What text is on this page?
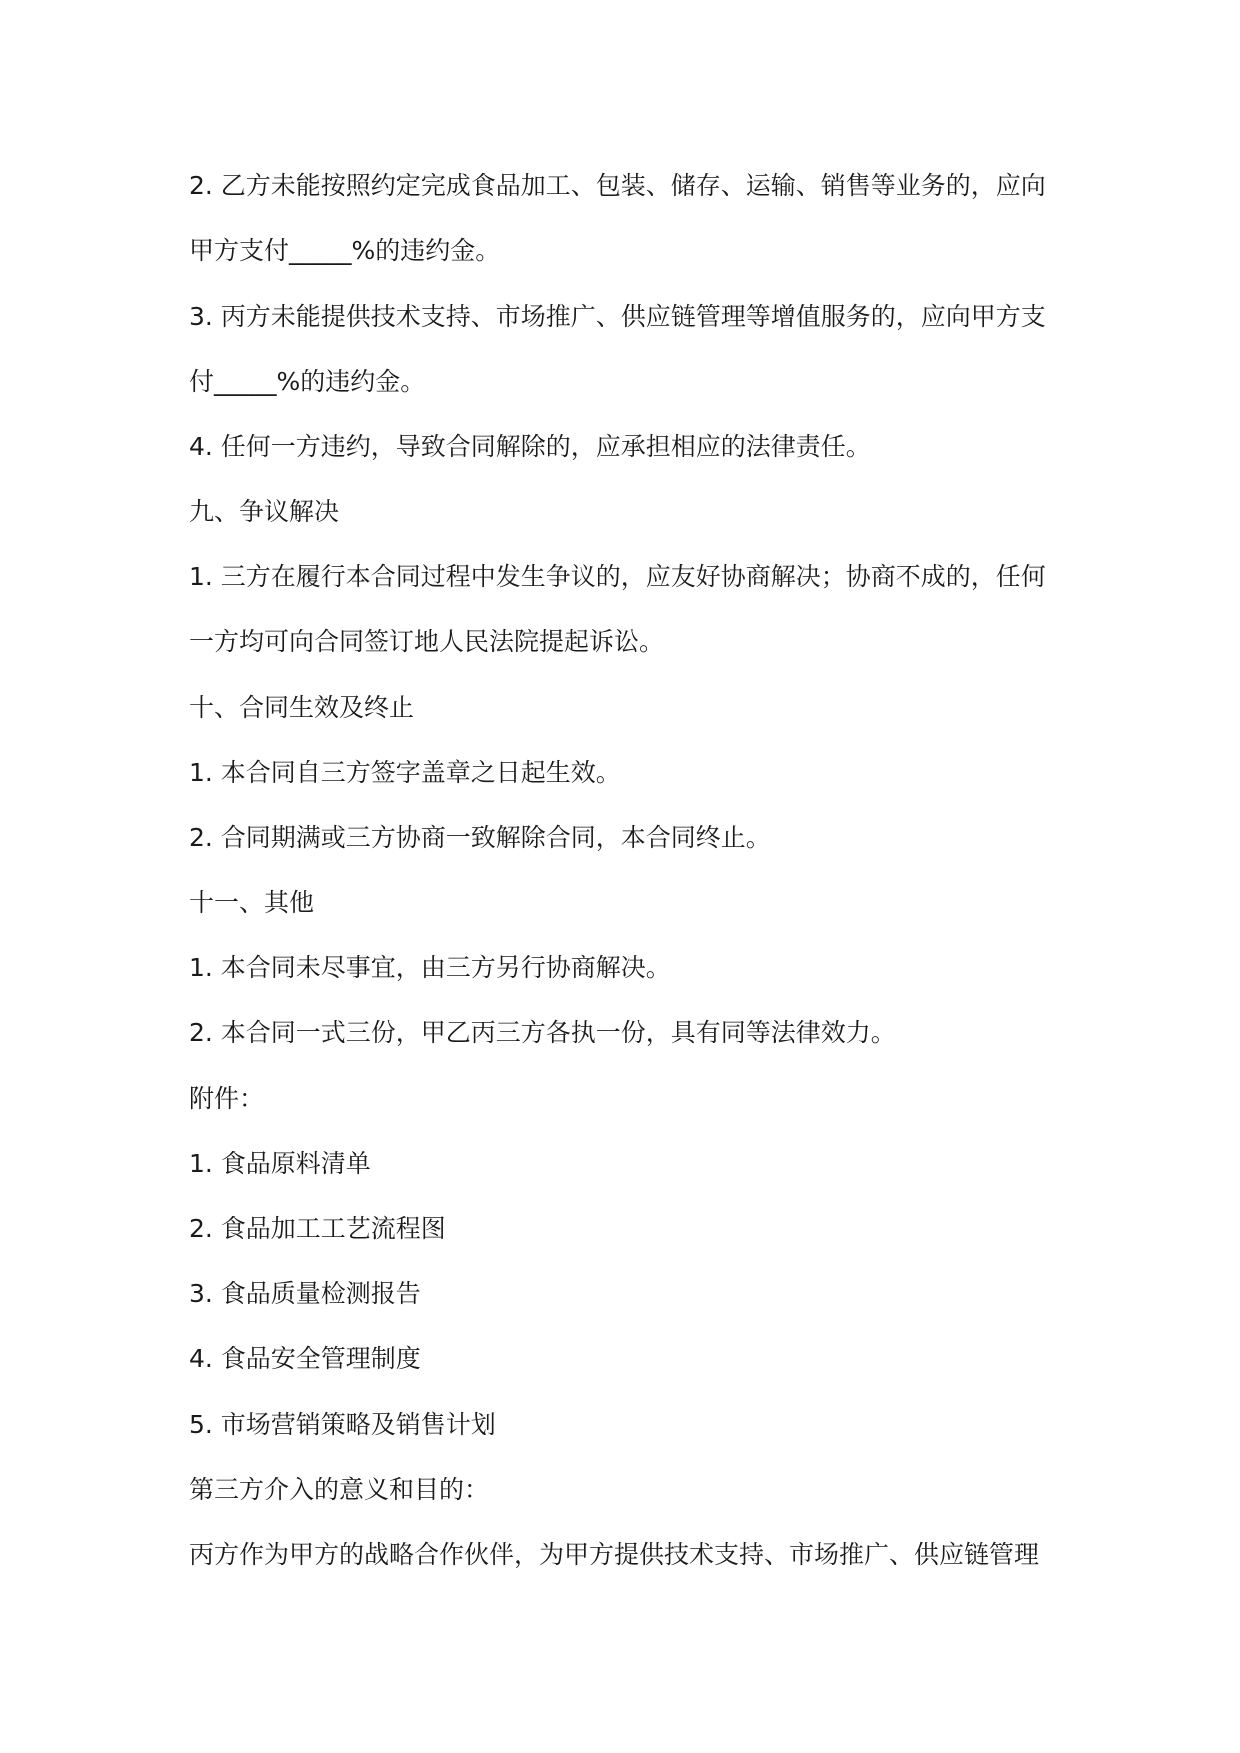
2. 乙方未能按照约定完成食品加工、包装、储存、运输、销售等业务的，应向
甲方支付_____%的违约金。
3. 丙方未能提供技术支持、市场推广、供应链管理等增值服务的，应向甲方支
付_____%的违约金。
4. 任何一方违约，导致合同解除的，应承担相应的法律责任。
九、争议解决
1. 三方在履行本合同过程中发生争议的，应友好协商解决；协商不成的，任何
一方均可向合同签订地人民法院提起诉讼。
十、合同生效及终止
1. 本合同自三方签字盖章之日起生效。
2. 合同期满或三方协商一致解除合同，本合同终止。
十一、其他
1. 本合同未尽事宜，由三方另行协商解决。
2. 本合同一式三份，甲乙丙三方各执一份，具有同等法律效力。
附件：
1. 食品原料清单
2. 食品加工工艺流程图
3. 食品质量检测报告
4. 食品安全管理制度
5. 市场营销策略及销售计划
第三方介入的意义和目的：
丙方作为甲方的战略合作伙伴，为甲方提供技术支持、市场推广、供应链管理
